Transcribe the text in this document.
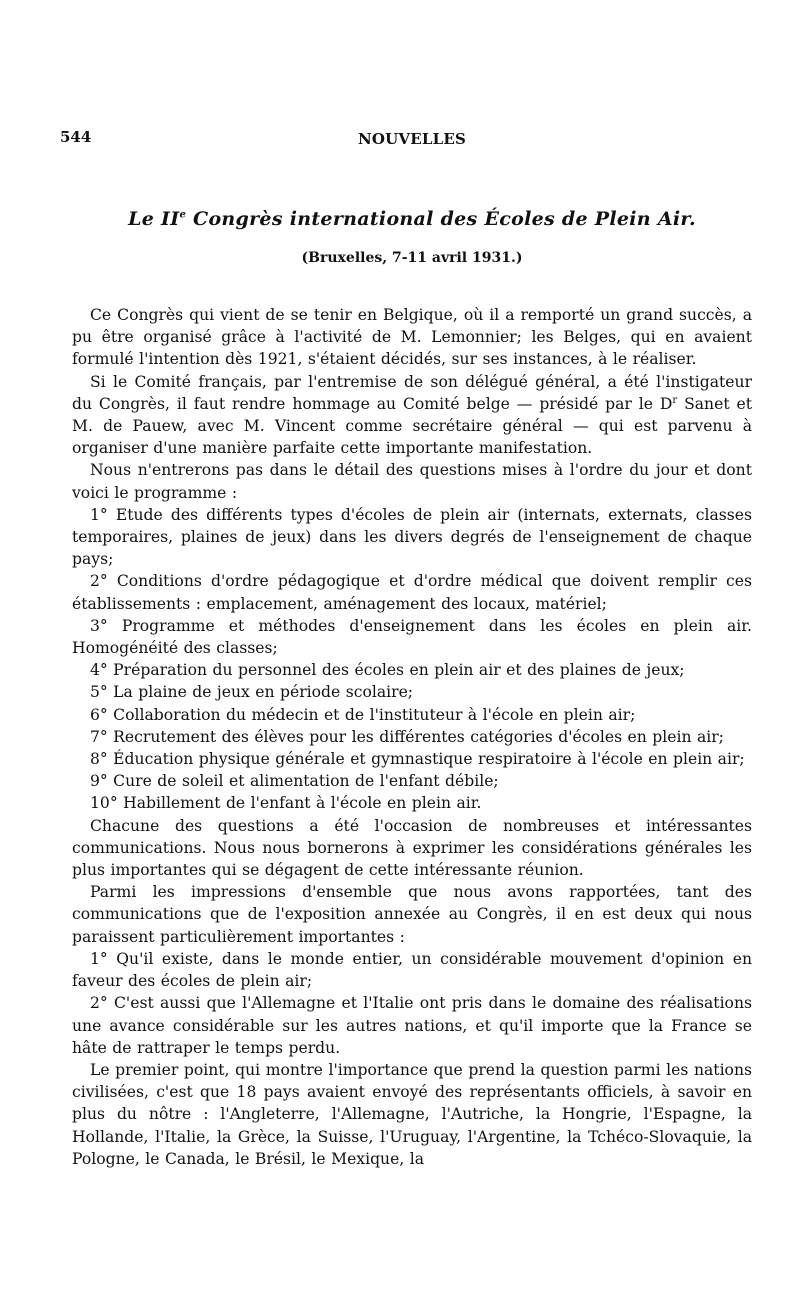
544	NOUVELLES
Le IIe Congrès international des Écoles de Plein Air.
(Bruxelles, 7-11 avril 1931.)

Ce Congrès qui vient de se tenir en Belgique, où il a remporté un grand succès, a pu être organisé grâce à l'activité de M. Lemonnier; les Belges, qui en avaient formulé l'intention dès 1921, s'étaient décidés, sur ses instances, à le réaliser.

Si le Comité français, par l'entremise de son délégué général, a été l'instigateur du Congrès, il faut rendre hommage au Comité belge — présidé par le $D^r$ Sanet et M. de Pauew, avec M. Vincent comme secrétaire général — qui est parvenu à organiser d'une manière parfaite cette importante manifestation.

Nous n'entrerons pas dans le détail des questions mises à l'ordre du jour et dont voici le programme :

1° Etude des différents types d'écoles de plein air (internats, externats, classes temporaires, plaines de jeux) dans les divers degrés de l'enseignement de chaque pays;

2° Conditions d'ordre pédagogique et d'ordre médical que doivent remplir ces établissements : emplacement, aménagement des locaux, matériel;

3° Programme et méthodes d'enseignement dans les écoles en plein air. Homogénéité des classes;

4° Préparation du personnel des écoles en plein air et des plaines de jeux;

5° La plaine de jeux en période scolaire;

6° Collaboration du médecin et de l'instituteur à l'école en plein air;

7° Recrutement des élèves pour les différentes catégories d'écoles en plein air;

8° Éducation physique générale et gymnastique respiratoire à l'école en plein air;

9° Cure de soleil et alimentation de l'enfant débile;

10° Habillement de l'enfant à l'école en plein air.

Chacune des questions a été l'occasion de nombreuses et intéressantes communications. Nous nous bornerons à exprimer les considérations générales les plus importantes qui se dégagent de cette intéressante réunion.

Parmi les impressions d'ensemble que nous avons rapportées, tant des communications que de l'exposition annexée au Congrès, il en est deux qui nous paraissent particulièrement importantes :

1° Qu'il existe, dans le monde entier, un considérable mouvement d'opinion en faveur des écoles de plein air;

2° C'est aussi que l'Allemagne et l'Italie ont pris dans le domaine des réalisations une avance considérable sur les autres nations, et qu'il importe que la France se hâte de rattraper le temps perdu.

Le premier point, qui montre l'importance que prend la question parmi les nations civilisées, c'est que 18 pays avaient envoyé des représentants officiels, à savoir en plus du nôtre : l'Angleterre, l'Allemagne, l'Autriche, la Hongrie, l'Espagne, la Hollande, l'Italie, la Grèce, la Suisse, l'Uruguay, l'Argentine, la Tchéco-Slovaquie, la Pologne, le Canada, le Brésil, le Mexique, la
